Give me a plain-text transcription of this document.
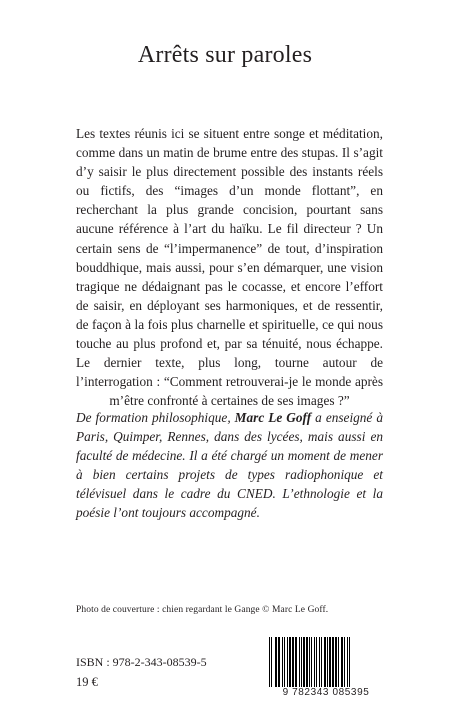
Arrêts sur paroles

Les textes réunis ici se situent entre songe et méditation, comme dans un matin de brume entre des stupas. Il s’agit d’y saisir le plus directement possible des instants réels ou fictifs, des “images d’un monde flottant”, en recherchant la plus grande concision, pourtant sans aucune référence à l’art du haïku. Le fil directeur ? Un certain sens de “l’impermanence” de tout, d’inspiration bouddhique, mais aussi, pour s’en démarquer, une vision tragique ne dédaignant pas le cocasse, et encore l’effort de saisir, en déployant ses harmoniques, et de ressentir, de façon à la fois plus charnelle et spirituelle, ce qui nous touche au plus profond et, par sa ténuité, nous échappe. Le dernier texte, plus long, tourne autour de l’interrogation : “Comment retrouverai-je le monde après m’être confronté à certaines de ses images ?”

De formation philosophique, Marc Le Goff a enseigné à Paris, Quimper, Rennes, dans des lycées, mais aussi en faculté de médecine. Il a été chargé un moment de mener à bien certains projets de types radiophonique et télévisuel dans le cadre du CNED. L’ethnologie et la poésie l’ont toujours accompagné.

Photo de couverture : chien regardant le Gange © Marc Le Goff.
ISBN : 978-2-343-08539-5
19 €
9 782343 085395
